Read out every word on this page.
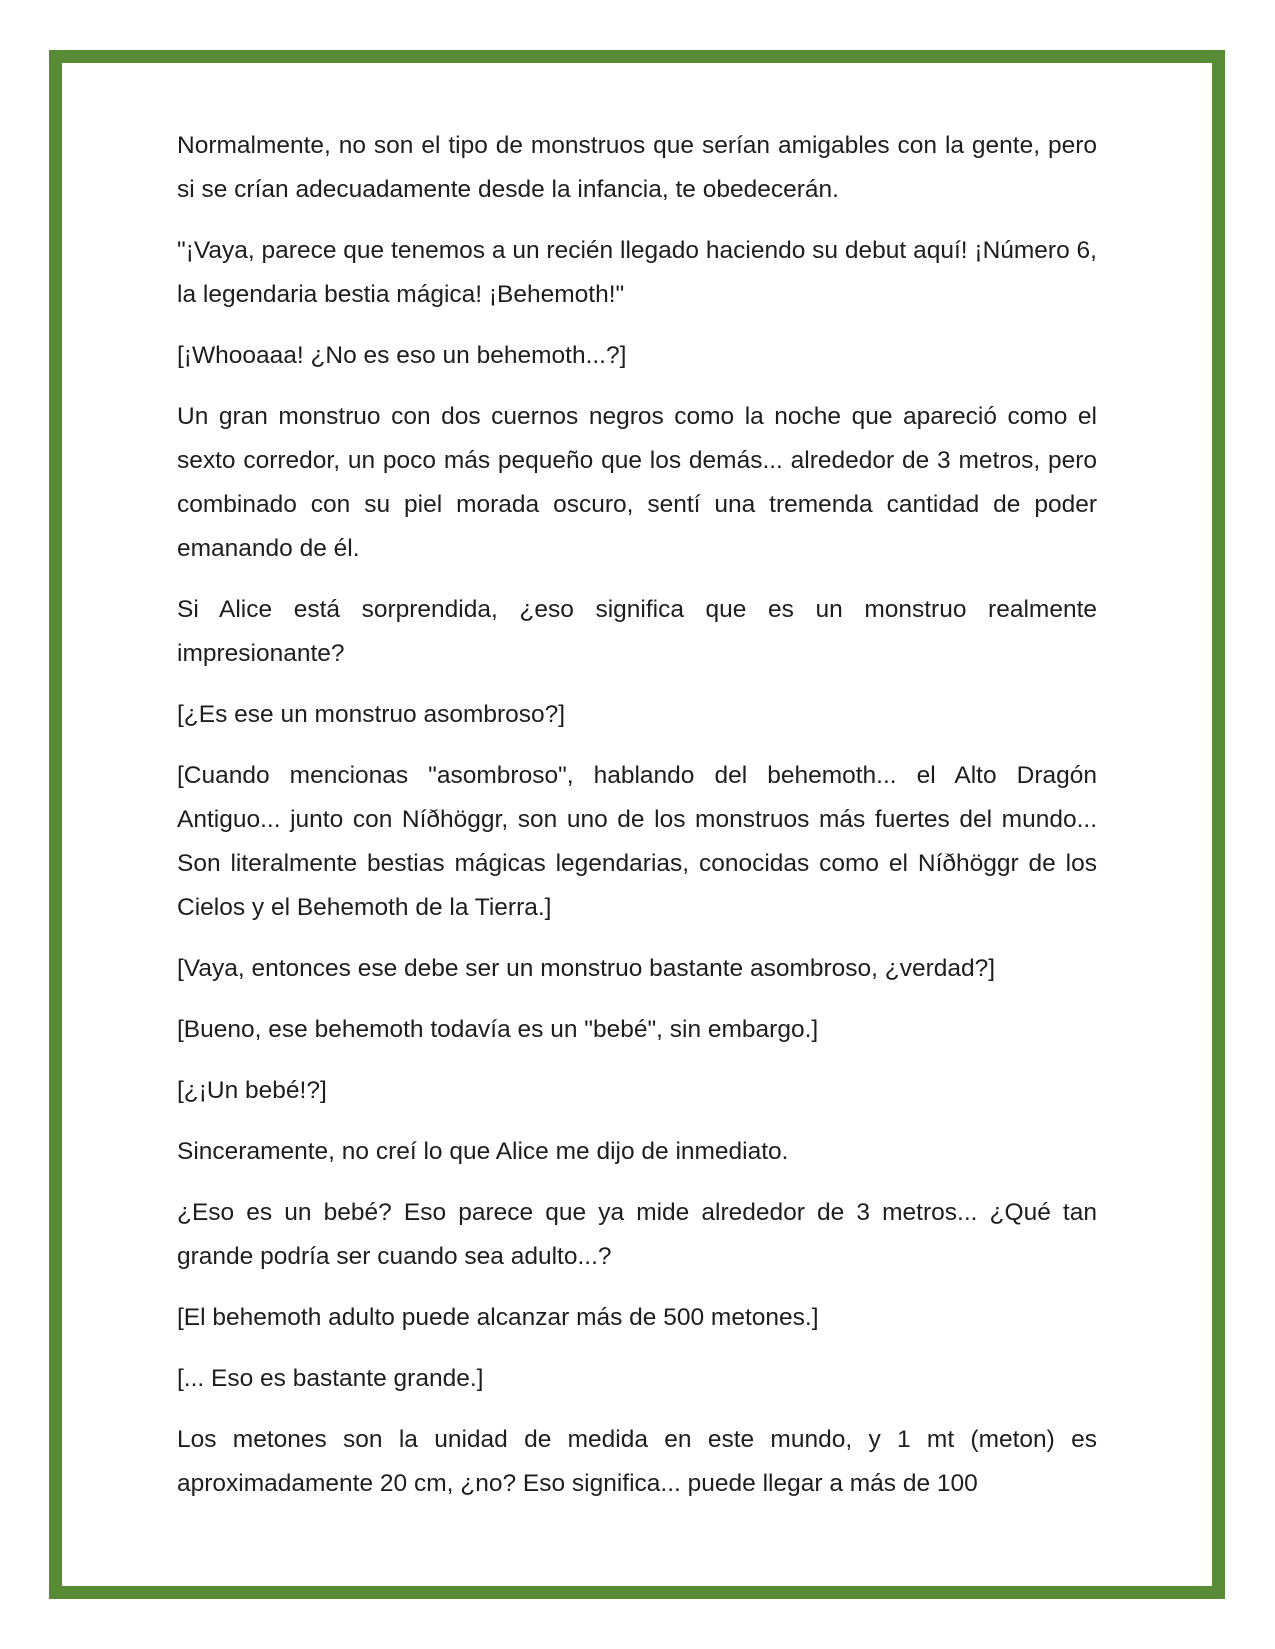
Normalmente, no son el tipo de monstruos que serían amigables con la gente, pero si se crían adecuadamente desde la infancia, te obedecerán.

"¡Vaya, parece que tenemos a un recién llegado haciendo su debut aquí! ¡Número 6, la legendaria bestia mágica! ¡Behemoth!"

[¡Whooaaa! ¿No es eso un behemoth...?]

Un gran monstruo con dos cuernos negros como la noche que apareció como el sexto corredor, un poco más pequeño que los demás... alrededor de 3 metros, pero combinado con su piel morada oscuro, sentí una tremenda cantidad de poder emanando de él.

Si Alice está sorprendida, ¿eso significa que es un monstruo realmente impresionante?

[¿Es ese un monstruo asombroso?]

[Cuando mencionas "asombroso", hablando del behemoth... el Alto Dragón Antiguo... junto con Níðhöggr, son uno de los monstruos más fuertes del mundo... Son literalmente bestias mágicas legendarias, conocidas como el Níðhöggr de los Cielos y el Behemoth de la Tierra.]

[Vaya, entonces ese debe ser un monstruo bastante asombroso, ¿verdad?]

[Bueno, ese behemoth todavía es un "bebé", sin embargo.]

[¿¡Un bebé!?]

Sinceramente, no creí lo que Alice me dijo de inmediato.

¿Eso es un bebé? Eso parece que ya mide alrededor de 3 metros... ¿Qué tan grande podría ser cuando sea adulto...?

[El behemoth adulto puede alcanzar más de 500 metones.]

[... Eso es bastante grande.]

Los metones son la unidad de medida en este mundo, y 1 mt (meton) es aproximadamente 20 cm, ¿no? Eso significa... puede llegar a más de 100
